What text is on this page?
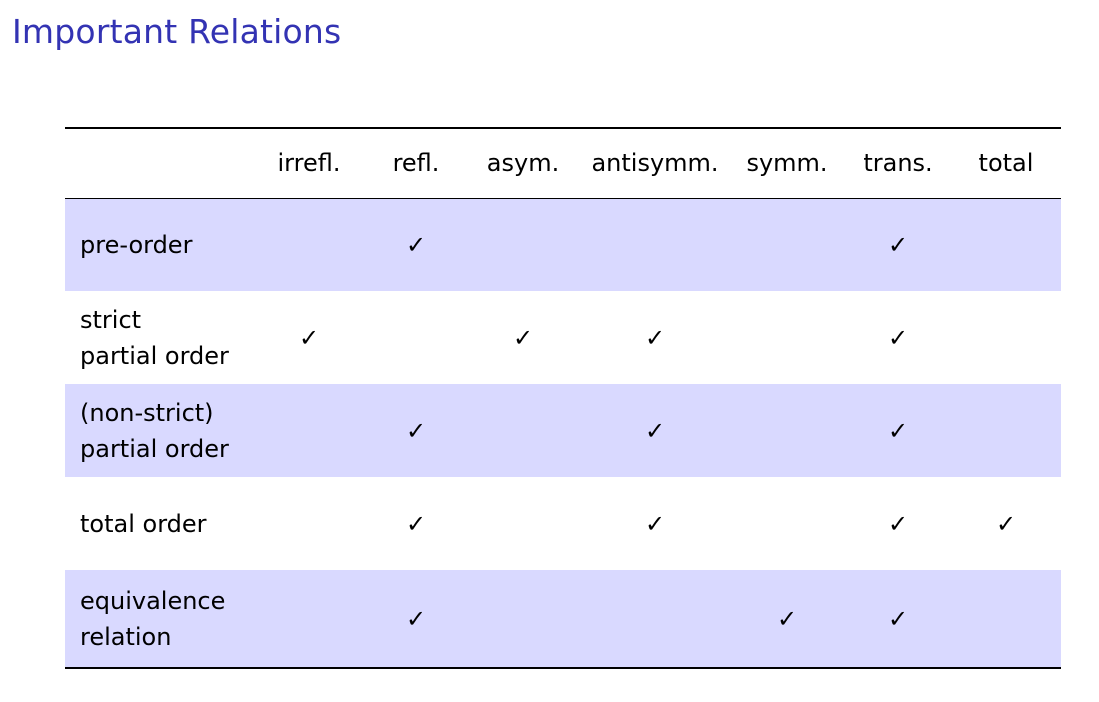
Important Relations
	irrefl.	refl.	asym.	antisymm.	symm.	trans.	total

pre-order		✓				✓	

strict
partial order	✓		✓	✓		✓	

(non-strict)
partial order		✓		✓		✓	

total order		✓		✓		✓	✓

equivalence
relation		✓			✓	✓	
